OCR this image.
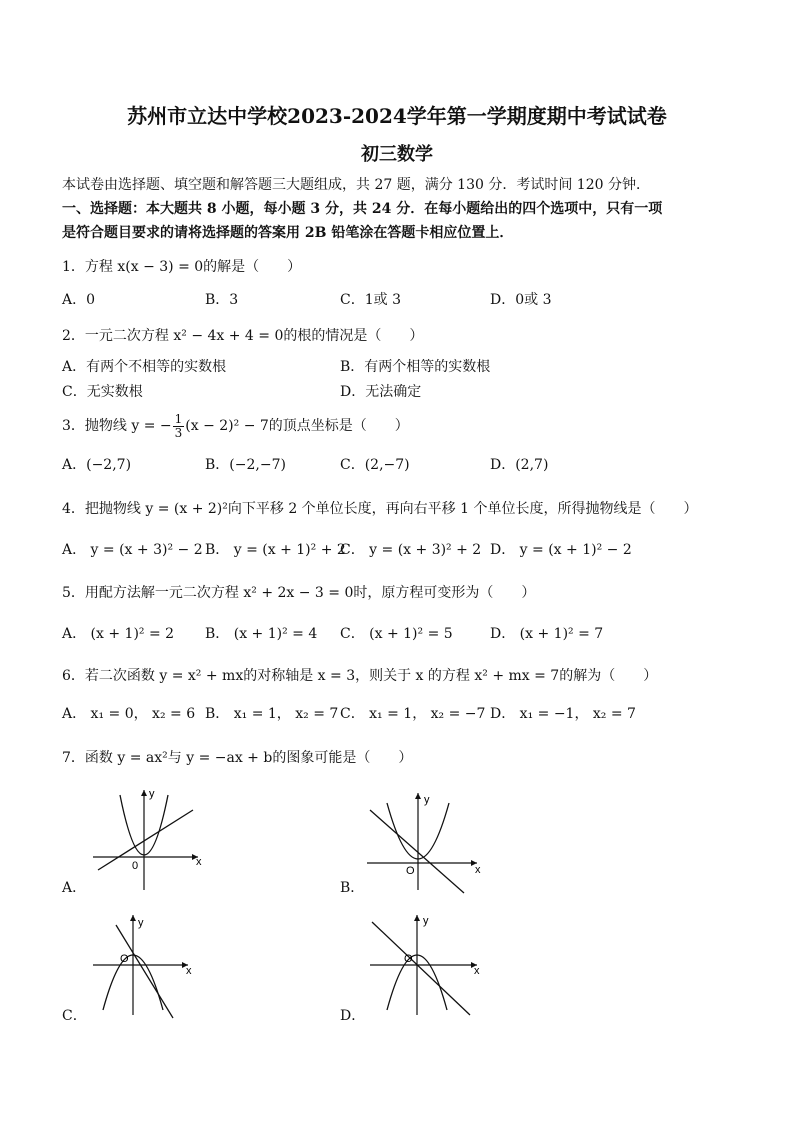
苏州市立达中学校2023-2024学年第一学期度期中考试试卷
初三数学
本试卷由选择题、填空题和解答题三大题组成，共 27 题，满分 130 分．考试时间 120 分钟．
一、选择题：本大题共 8 小题，每小题 3 分，共 24 分．在每小题给出的四个选项中，只有一项
是符合题目要求的请将选择题的答案用 2B 铅笔涂在答题卡相应位置上．
1．方程 x(x − 3) = 0的解是（　　）
A．0	B．3	C．1或 3	D．0或 3
2．一元二次方程 x² − 4x + 4 = 0的根的情况是（　　）
A．有两个不相等的实数根	B．有两个相等的实数根
C．无实数根	D．无法确定
3．抛物线 y = − $\frac{1}{3} (x - 2)^2 - 7$的顶点坐标是（　　）
A．(−2,7)	B．(−2,−7)	C．(2,−7)	D．(2,7)
4．把抛物线 y = (x + 2)²向下平移 2 个单位长度，再向右平移 1 个单位长度，所得抛物线是（　　）
A． y = (x + 3)² − 2 B． y = (x + 1)² + 2
C． y = (x + 3)² + 2 D． y = (x + 1)² − 2
5．用配方法解一元二次方程 x² + 2x − 3 = 0时，原方程可变形为（　　）
A． (x + 1)² = 2 B． (x + 1)² = 4 C． (x + 1)² = 5	D． (x + 1)² = 7
6．若二次函数 y = x² + mx的对称轴是 x = 3，则关于 x 的方程 x² + mx = 7的解为（　　）
A． x₁ = 0， x₂ = 6 B． x₁ = 1， x₂ = 7 C． x₁ = 1， x₂ = −7 D． x₁ = −1， x₂ = 7
7．函数 y = ax²与 y = −ax + b的图象可能是（　　）
A．
y
x
0
B．
y
x
O
C．
y
x
O
D．
y
x
O
